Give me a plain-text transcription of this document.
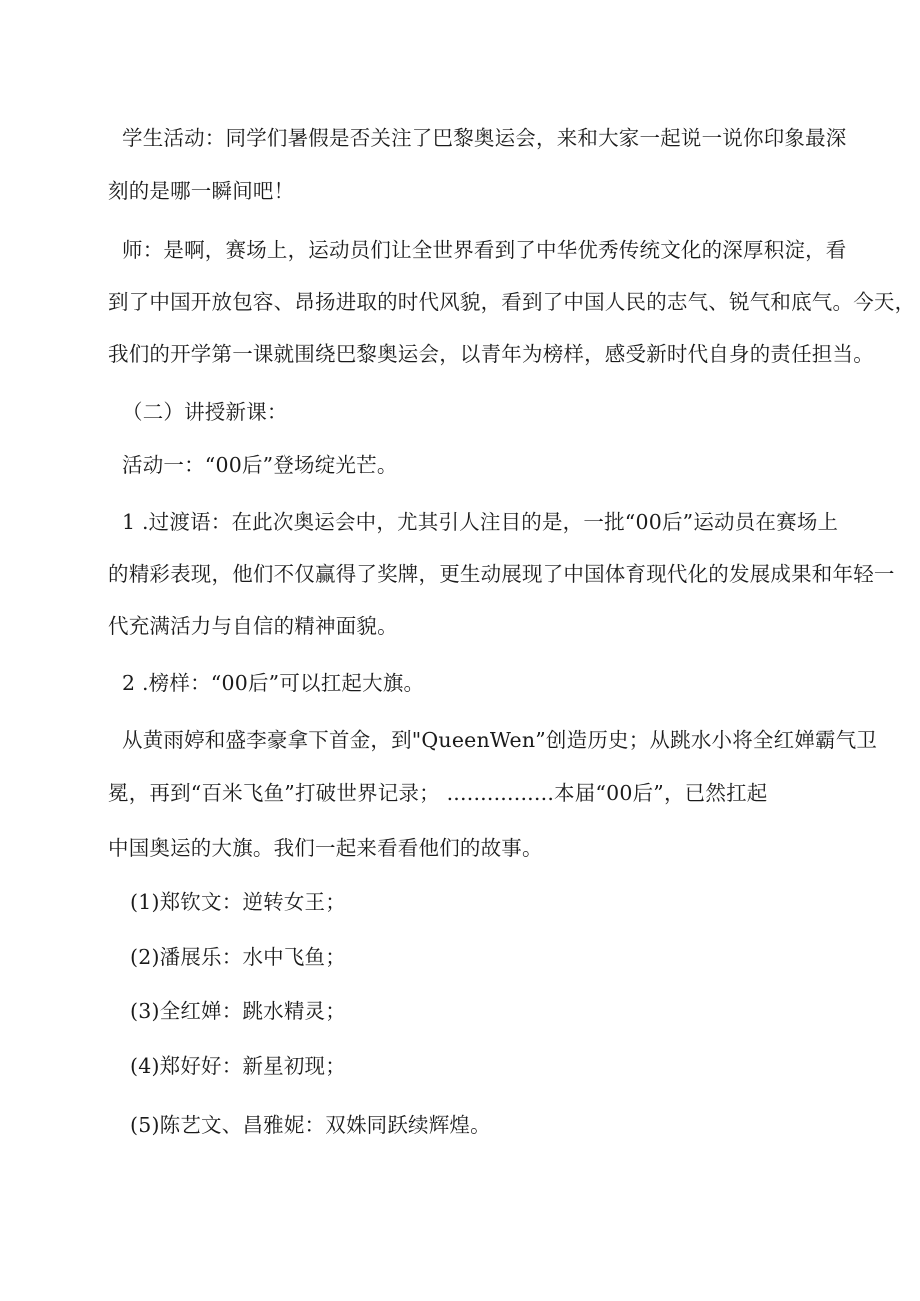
学生活动：同学们暑假是否关注了巴黎奥运会，来和大家一起说一说你印象最深
刻的是哪一瞬间吧！
师：是啊，赛场上，运动员们让全世界看到了中华优秀传统文化的深厚积淀，看
到了中国开放包容、昂扬进取的时代风貌，看到了中国人民的志气、锐气和底气。今天，
我们的开学第一课就围绕巴黎奥运会，以青年为榜样，感受新时代自身的责任担当。
（二）讲授新课：
活动一：“00后”登场绽光芒。
1 .过渡语：在此次奥运会中，尤其引人注目的是，一批“00后”运动员在赛场上
的精彩表现，他们不仅赢得了奖牌，更生动展现了中国体育现代化的发展成果和年轻一
代充满活力与自信的精神面貌。
2 .榜样：“00后”可以扛起大旗。
从黄雨婷和盛李豪拿下首金，到"QueenWen”创造历史；从跳水小将全红婵霸气卫
冕，再到“百米飞鱼”打破世界记录； ................本届“00后”，已然扛起
中国奥运的大旗。我们一起来看看他们的故事。
(1)郑钦文：逆转女王；
(2)潘展乐：水中飞鱼；
(3)全红婵：跳水精灵；
(4)郑好好：新星初现；
(5)陈艺文、昌雅妮：双姝同跃续辉煌。
